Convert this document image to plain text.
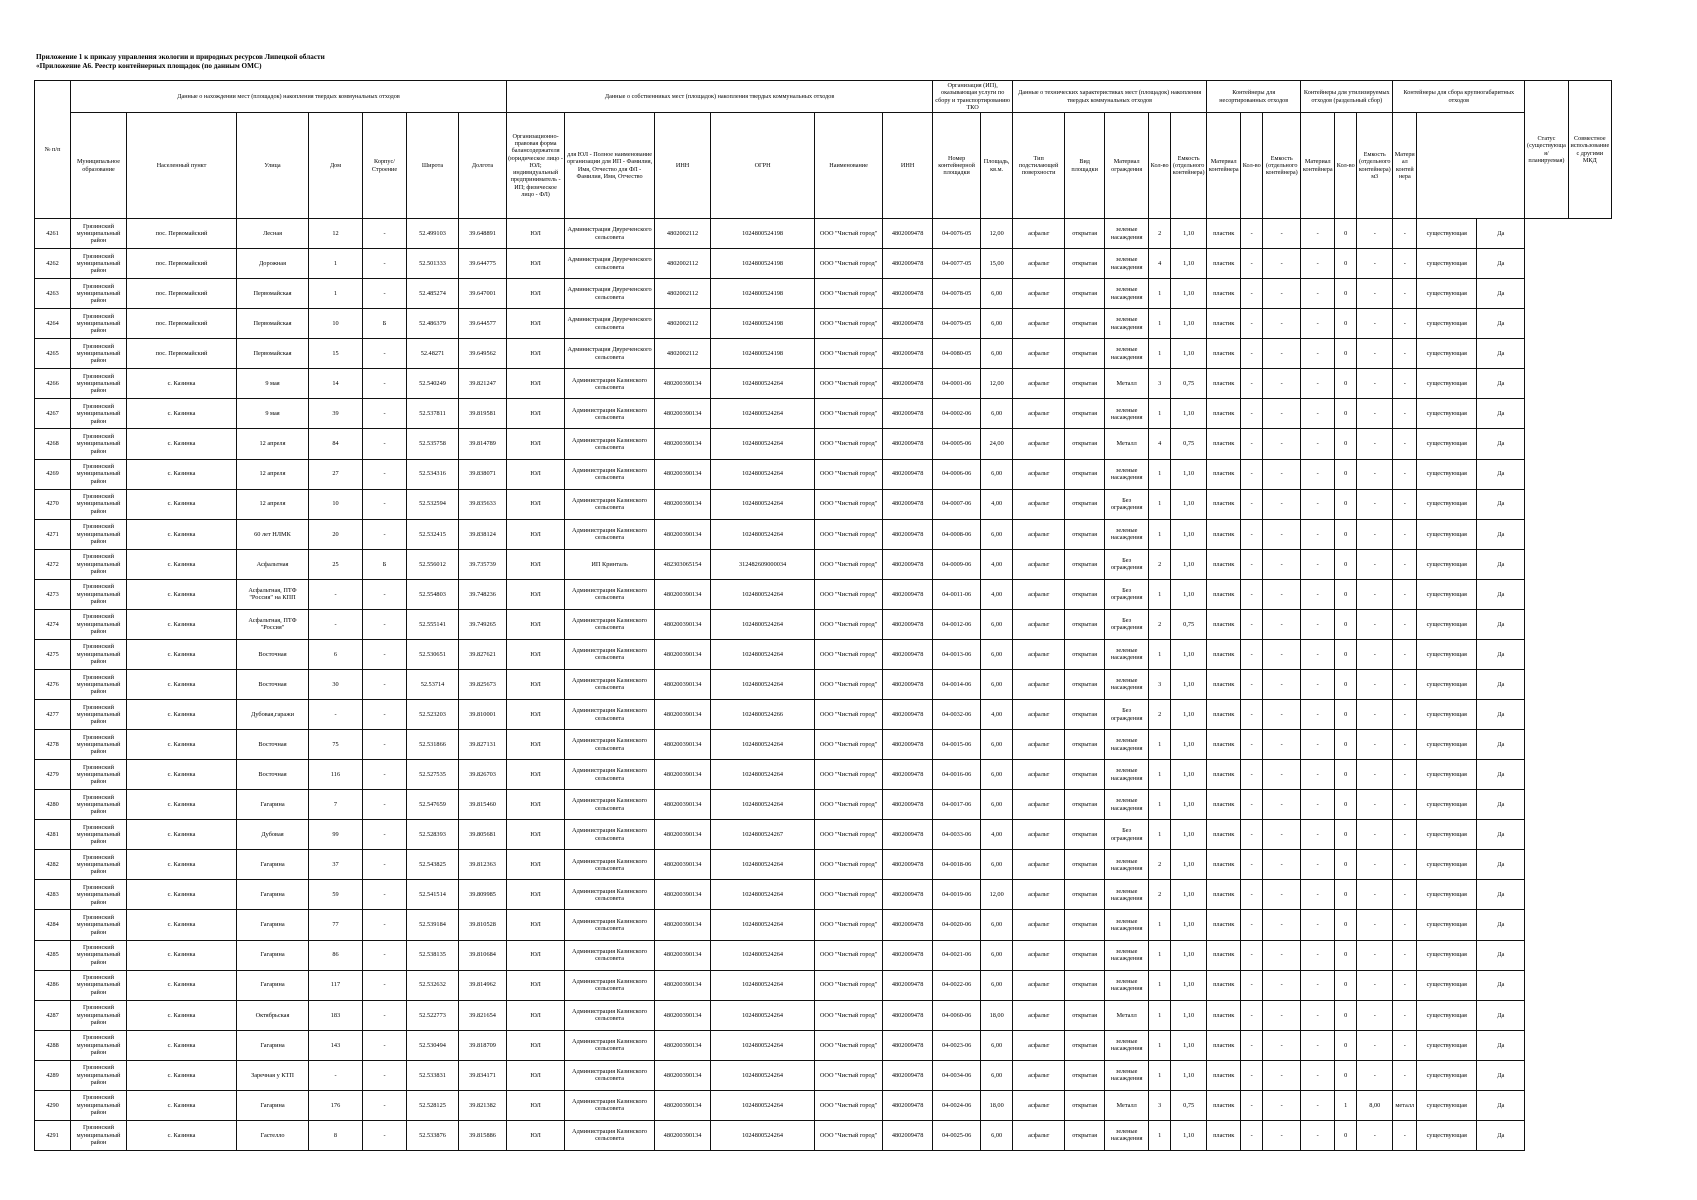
Приложение 1 к приказу управления экологии и природных ресурсов Липецкой области
«Приложение А6. Реестр контейнерных площадок (по данным ОМС)
№ п/п	Данные о нахождении мест (площадок) накопления твердых коммунальных отходов							Данные о собственниках мест (площадок) накопления твердых коммунальных отходов						Организация (ИП), оказывающая услуги по сбору и транспортированию ТКО		Данные о технических характеристиках мест (площадок) накопления твердых коммунальных отходов					Контейнеры для несортированных отходов			Контейнеры для утилизируемых отходов (раздельный сбор)			Контейнеры для сбора крупногабаритных отходов			Статус (существующая/ планируемая)	Совместное использование с другими МКД
	Муниципальное образование	Населенный пункт	Улица	Дом	Корпус/Строение	Широта	Долгота	Организационно-правовая форма балансодержателя (юридическое лицо - ЮЛ; индивидуальный предприниматель - ИП; физическое лицо - ФЛ)	для ЮЛ - Полное наименование организации для ИП - Фамилия, Имя, Отчество для ФЛ - Фамилия, Имя, Отчество	ИНН	ОГРН	Наименование	ИНН	Номер контейнерной площадки	Площадь, кв.м.	Тип подстилающей поверхности	Вид площадки	Материал ограждения	Кол-во	Емкость (отдельного контейнера)	Материал контейнера	Кол-во	Емкость (отдельного контейнера)	Материал контейнера	Кол-во	Емкость (отдельного контейнера) м3	Материал контейнера				
4261	Грязинский муниципальный район	пос. Первомайский	Лесная	12	-	52.499103	39.648891	ЮЛ	Администрация Двуреченского сельсовета	4802002112	1024800524198	ООО "Чистый город"	4802009478	04-0076-05	12,00	асфальт	открытая	зеленые насаждения	2	1,10	пластик	-	-	-	0	-	-	существующая	Да		
4262	Грязинский муниципальный район	пос. Первомайский	Дорожная	1	-	52.501333	39.644775	ЮЛ	Администрация Двуреченского сельсовета	4802002112	1024800524198	ООО "Чистый город"	4802009478	04-0077-05	15,00	асфальт	открытая	зеленые насаждения	4	1,10	пластик	-	-	-	0	-	-	существующая	Да		
4263	Грязинский муниципальный район	пос. Первомайский	Первомайская	1	-	52.485274	39.647001	ЮЛ	Администрация Двуреченского сельсовета	4802002112	1024800524198	ООО "Чистый город"	4802009478	04-0078-05	6,00	асфальт	открытая	зеленые насаждения	1	1,10	пластик	-	-	-	0	-	-	существующая	Да		
4264	Грязинский муниципальный район	пос. Первомайский	Первомайская	10	Б	52.486379	39.644577	ЮЛ	Администрация Двуреченского сельсовета	4802002112	1024800524198	ООО "Чистый город"	4802009478	04-0079-05	6,00	асфальт	открытая	зеленые насаждения	1	1,10	пластик	-	-	-	0	-	-	существующая	Да		
4265	Грязинский муниципальный район	пос. Первомайский	Первомайская	15	-	52.48271	39.649562	ЮЛ	Администрация Двуреченского сельсовета	4802002112	1024800524198	ООО "Чистый город"	4802009478	04-0080-05	6,00	асфальт	открытая	зеленые насаждения	1	1,10	пластик	-	-	-	0	-	-	существующая	Да		
4266	Грязинский муниципальный район	с. Казинка	9 мая	14	-	52.540249	39.821247	ЮЛ	Администрация Казинского сельсовета	480200390134	1024800524264	ООО "Чистый город"	4802009478	04-0001-06	12,00	асфальт	открытая	Металл	3	0,75	пластик	-	-	-	0	-	-	существующая	Да		
4267	Грязинский муниципальный район	с. Казинка	9 мая	39	-	52.537811	39.819581	ЮЛ	Администрация Казинского сельсовета	480200390134	1024800524264	ООО "Чистый город"	4802009478	04-0002-06	6,00	асфальт	открытая	зеленые насаждения	1	1,10	пластик	-	-	-	0	-	-	существующая	Да		
4268	Грязинский муниципальный район	с. Казинка	12 апреля	84	-	52.535758	39.814789	ЮЛ	Администрация Казинского сельсовета	480200390134	1024800524264	ООО "Чистый город"	4802009478	04-0005-06	24,00	асфальт	открытая	Металл	4	0,75	пластик	-	-	-	0	-	-	существующая	Да		
4269	Грязинский муниципальный район	с. Казинка	12 апреля	27	-	52.534316	39.838071	ЮЛ	Администрация Казинского сельсовета	480200390134	1024800524264	ООО "Чистый город"	4802009478	04-0006-06	6,00	асфальт	открытая	зеленые насаждения	1	1,10	пластик	-	-	-	0	-	-	существующая	Да		
4270	Грязинский муниципальный район	с. Казинка	12 апреля	10	-	52.532594	39.835633	ЮЛ	Администрация Казинского сельсовета	480200390134	1024800524264	ООО "Чистый город"	4802009478	04-0007-06	4,00	асфальт	открытая	Без ограждения	1	1,10	пластик	-	-	-	0	-	-	существующая	Да		
4271	Грязинский муниципальный район	с. Казинка	60 лет НЛМК	20	-	52.532415	39.838124	ЮЛ	Администрация Казинского сельсовета	480200390134	1024800524264	ООО "Чистый город"	4802009478	04-0008-06	6,00	асфальт	открытая	зеленые насаждения	1	1,10	пластик	-	-	-	0	-	-	существующая	Да		
4272	Грязинский муниципальный район	с. Казинка	Асфальтная	25	Б	52.556012	39.735739	ЮЛ	ИП Кринталь	482303065154	312482609000034	ООО "Чистый город"	4802009478	04-0009-06	4,00	асфальт	открытая	Без ограждения	2	1,10	пластик	-	-	-	0	-	-	существующая	Да		
4273	Грязинский муниципальный район	с. Казинка	Асфальтная, ПТФ "Россия" на КПП	-	-	52.554803	39.748236	ЮЛ	Администрация Казинского сельсовета	480200390134	1024800524264	ООО "Чистый город"	4802009478	04-0011-06	4,00	асфальт	открытая	Без ограждения	1	1,10	пластик	-	-	-	0	-	-	существующая	Да		
4274	Грязинский муниципальный район	с. Казинка	Асфальтная, ПТФ "Россия"	-	-	52.555141	39.749265	ЮЛ	Администрация Казинского сельсовета	480200390134	1024800524264	ООО "Чистый город"	4802009478	04-0012-06	6,00	асфальт	открытая	Без ограждения	2	0,75	пластик	-	-	-	0	-	-	существующая	Да		
4275	Грязинский муниципальный район	с. Казинка	Восточная	6	-	52.530651	39.827621	ЮЛ	Администрация Казинского сельсовета	480200390134	1024800524264	ООО "Чистый город"	4802009478	04-0013-06	6,00	асфальт	открытая	зеленые насаждения	1	1,10	пластик	-	-	-	0	-	-	существующая	Да		
4276	Грязинский муниципальный район	с. Казинка	Восточная	30	-	52.53714	39.825673	ЮЛ	Администрация Казинского сельсовета	480200390134	1024800524264	ООО "Чистый город"	4802009478	04-0014-06	6,00	асфальт	открытая	зеленые насаждения	3	1,10	пластик	-	-	-	0	-	-	существующая	Да		
4277	Грязинский муниципальный район	с. Казинка	Дубовая,гаражи	-	-	52.523203	39.810001	ЮЛ	Администрация Казинского сельсовета	480200390134	1024800524266	ООО "Чистый город"	4802009478	04-0032-06	4,00	асфальт	открытая	Без ограждения	2	1,10	пластик	-	-	-	0	-	-	существующая	Да		
4278	Грязинский муниципальный район	с. Казинка	Восточная	75	-	52.531866	39.827131	ЮЛ	Администрация Казинского сельсовета	480200390134	1024800524264	ООО "Чистый город"	4802009478	04-0015-06	6,00	асфальт	открытая	зеленые насаждения	1	1,10	пластик	-	-	-	0	-	-	существующая	Да		
4279	Грязинский муниципальный район	с. Казинка	Восточная	116	-	52.527535	39.826703	ЮЛ	Администрация Казинского сельсовета	480200390134	1024800524264	ООО "Чистый город"	4802009478	04-0016-06	6,00	асфальт	открытая	зеленые насаждения	1	1,10	пластик	-	-	-	0	-	-	существующая	Да		
4280	Грязинский муниципальный район	с. Казинка	Гагарина	7	-	52.547659	39.815460	ЮЛ	Администрация Казинского сельсовета	480200390134	1024800524264	ООО "Чистый город"	4802009478	04-0017-06	6,00	асфальт	открытая	зеленые насаждения	1	1,10	пластик	-	-	-	0	-	-	существующая	Да		
4281	Грязинский муниципальный район	с. Казинка	Дубовая	99	-	52.528393	39.805681	ЮЛ	Администрация Казинского сельсовета	480200390134	1024800524267	ООО "Чистый город"	4802009478	04-0033-06	4,00	асфальт	открытая	Без ограждения	1	1,10	пластик	-	-	-	0	-	-	существующая	Да		
4282	Грязинский муниципальный район	с. Казинка	Гагарина	37	-	52.543825	39.812363	ЮЛ	Администрация Казинского сельсовета	480200390134	1024800524264	ООО "Чистый город"	4802009478	04-0018-06	6,00	асфальт	открытая	зеленые насаждения	2	1,10	пластик	-	-	-	0	-	-	существующая	Да		
4283	Грязинский муниципальный район	с. Казинка	Гагарина	59	-	52.541514	39.809985	ЮЛ	Администрация Казинского сельсовета	480200390134	1024800524264	ООО "Чистый город"	4802009478	04-0019-06	12,00	асфальт	открытая	зеленые насаждения	2	1,10	пластик	-	-	-	0	-	-	существующая	Да		
4284	Грязинский муниципальный район	с. Казинка	Гагарина	77	-	52.539184	39.810528	ЮЛ	Администрация Казинского сельсовета	480200390134	1024800524264	ООО "Чистый город"	4802009478	04-0020-06	6,00	асфальт	открытая	зеленые насаждения	1	1,10	пластик	-	-	-	0	-	-	существующая	Да		
4285	Грязинский муниципальный район	с. Казинка	Гагарина	86	-	52.538135	39.810684	ЮЛ	Администрация Казинского сельсовета	480200390134	1024800524264	ООО "Чистый город"	4802009478	04-0021-06	6,00	асфальт	открытая	зеленые насаждения	1	1,10	пластик	-	-	-	0	-	-	существующая	Да		
4286	Грязинский муниципальный район	с. Казинка	Гагарина	117	-	52.532632	39.814962	ЮЛ	Администрация Казинского сельсовета	480200390134	1024800524264	ООО "Чистый город"	4802009478	04-0022-06	6,00	асфальт	открытая	зеленые насаждения	1	1,10	пластик	-	-	-	0	-	-	существующая	Да		
4287	Грязинский муниципальный район	с. Казинка	Октябрьская	183	-	52.522773	39.821654	ЮЛ	Администрация Казинского сельсовета	480200390134	1024800524264	ООО "Чистый город"	4802009478	04-0060-06	18,00	асфальт	открытая	Металл	1	1,10	пластик	-	-	-	0	-	-	существующая	Да		
4288	Грязинский муниципальный район	с. Казинка	Гагарина	143	-	52.530494	39.818709	ЮЛ	Администрация Казинского сельсовета	480200390134	1024800524264	ООО "Чистый город"	4802009478	04-0023-06	6,00	асфальт	открытая	зеленые насаждения	1	1,10	пластик	-	-	-	0	-	-	существующая	Да		
4289	Грязинский муниципальный район	с. Казинка	Заречная у КТП	-	-	52.533831	39.834171	ЮЛ	Администрация Казинского сельсовета	480200390134	1024800524264	ООО "Чистый город"	4802009478	04-0034-06	6,00	асфальт	открытая	зеленые насаждения	1	1,10	пластик	-	-	-	0	-	-	существующая	Да		
4290	Грязинский муниципальный район	с. Казинка	Гагарина	176	-	52.528125	39.821382	ЮЛ	Администрация Казинского сельсовета	480200390134	1024800524264	ООО "Чистый город"	4802009478	04-0024-06	18,00	асфальт	открытая	Металл	3	0,75	пластик	-	-	-	1	8,00	металл	существующая	Да		
4291	Грязинский муниципальный район	с. Казинка	Гастелло	8	-	52.533876	39.815886	ЮЛ	Администрация Казинского сельсовета	480200390134	1024800524264	ООО "Чистый город"	4802009478	04-0025-06	6,00	асфальт	открытая	зеленые насаждения	1	1,10	пластик	-	-	-	0	-	-	существующая	Да		
